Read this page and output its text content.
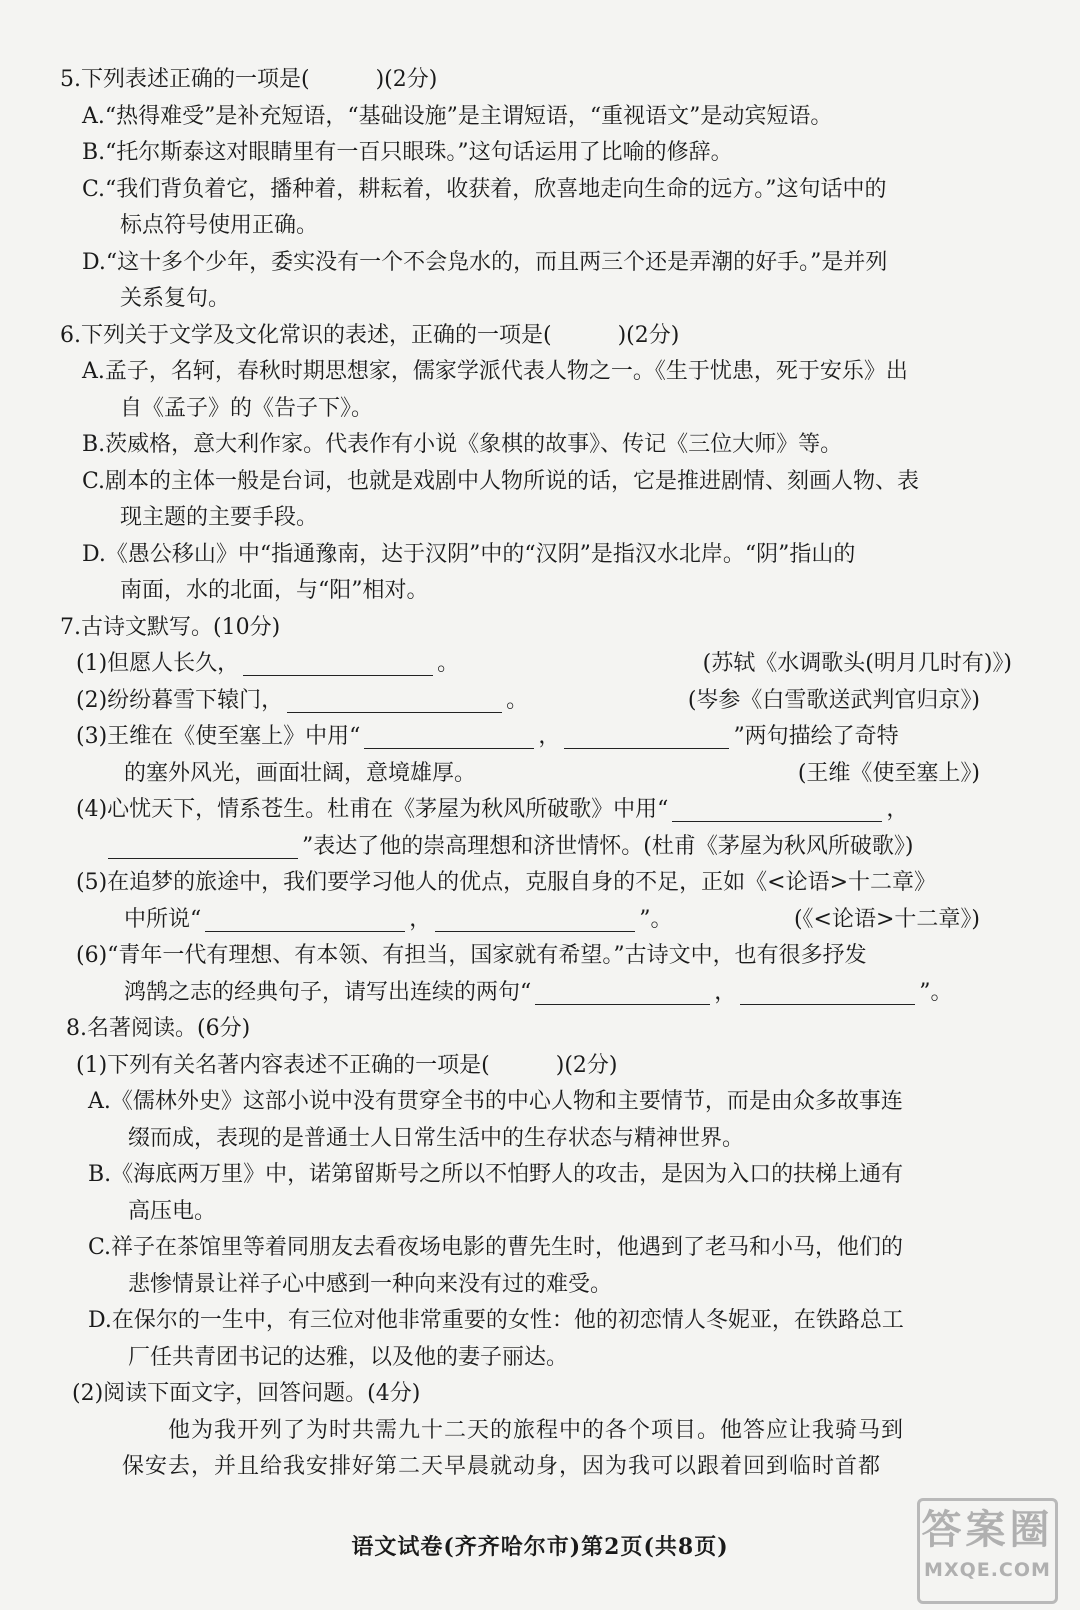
5.下列表述正确的一项是(　　　)(2分)
A.“热得难受”是补充短语，“基础设施”是主谓短语，“重视语文”是动宾短语。
B.“托尔斯泰这对眼睛里有一百只眼珠。”这句话运用了比喻的修辞。
C.“我们背负着它，播种着，耕耘着，收获着，欣喜地走向生命的远方。”这句话中的
标点符号使用正确。
D.“这十多个少年，委实没有一个不会凫水的，而且两三个还是弄潮的好手。”是并列
关系复句。
6.下列关于文学及文化常识的表述，正确的一项是(　　　)(2分)
A.孟子，名轲，春秋时期思想家，儒家学派代表人物之一。《生于忧患，死于安乐》出
自《孟子》的《告子下》。
B.茨威格，意大利作家。代表作有小说《象棋的故事》、传记《三位大师》等。
C.剧本的主体一般是台词，也就是戏剧中人物所说的话，它是推进剧情、刻画人物、表
现主题的主要手段。
D.《愚公移山》中“指通豫南，达于汉阴”中的“汉阴”是指汉水北岸。“阴”指山的
南面，水的北面，与“阳”相对。
7.古诗文默写。(10分)
(1)但愿人长久，	。	(苏轼《水调歌头(明月几时有)》)
(2)纷纷暮雪下辕门，	。	(岑参《白雪歌送武判官归京》)
(3)王维在《使至塞上》中用“	，	”两句描绘了奇特
的塞外风光，画面壮阔，意境雄厚。	(王维《使至塞上》)
(4)心忧天下，情系苍生。杜甫在《茅屋为秋风所破歌》中用“	，
”表达了他的崇高理想和济世情怀。(杜甫《茅屋为秋风所破歌》)
(5)在追梦的旅途中，我们要学习他人的优点，克服自身的不足，正如《<论语>十二章》
中所说“	，	”。	(《<论语>十二章》)
(6)“青年一代有理想、有本领、有担当，国家就有希望。”古诗文中，也有很多抒发
鸿鹄之志的经典句子，请写出连续的两句“	，	”。
8.名著阅读。(6分)
(1)下列有关名著内容表述不正确的一项是(　　　)(2分)
A.《儒林外史》这部小说中没有贯穿全书的中心人物和主要情节，而是由众多故事连
缀而成，表现的是普通士人日常生活中的生存状态与精神世界。
B.《海底两万里》中，诺第留斯号之所以不怕野人的攻击，是因为入口的扶梯上通有
高压电。
C.祥子在茶馆里等着同朋友去看夜场电影的曹先生时，他遇到了老马和小马，他们的
悲惨情景让祥子心中感到一种向来没有过的难受。
D.在保尔的一生中，有三位对他非常重要的女性：他的初恋情人冬妮亚，在铁路总工
厂任共青团书记的达雅，以及他的妻子丽达。
(2)阅读下面文字，回答问题。(4分)
他为我开列了为时共需九十二天的旅程中的各个项目。他答应让我骑马到
保安去，并且给我安排好第二天早晨就动身，因为我可以跟着回到临时首都
语文试卷(齐齐哈尔市)第2页(共8页)	答案圈
MXQE.COM
